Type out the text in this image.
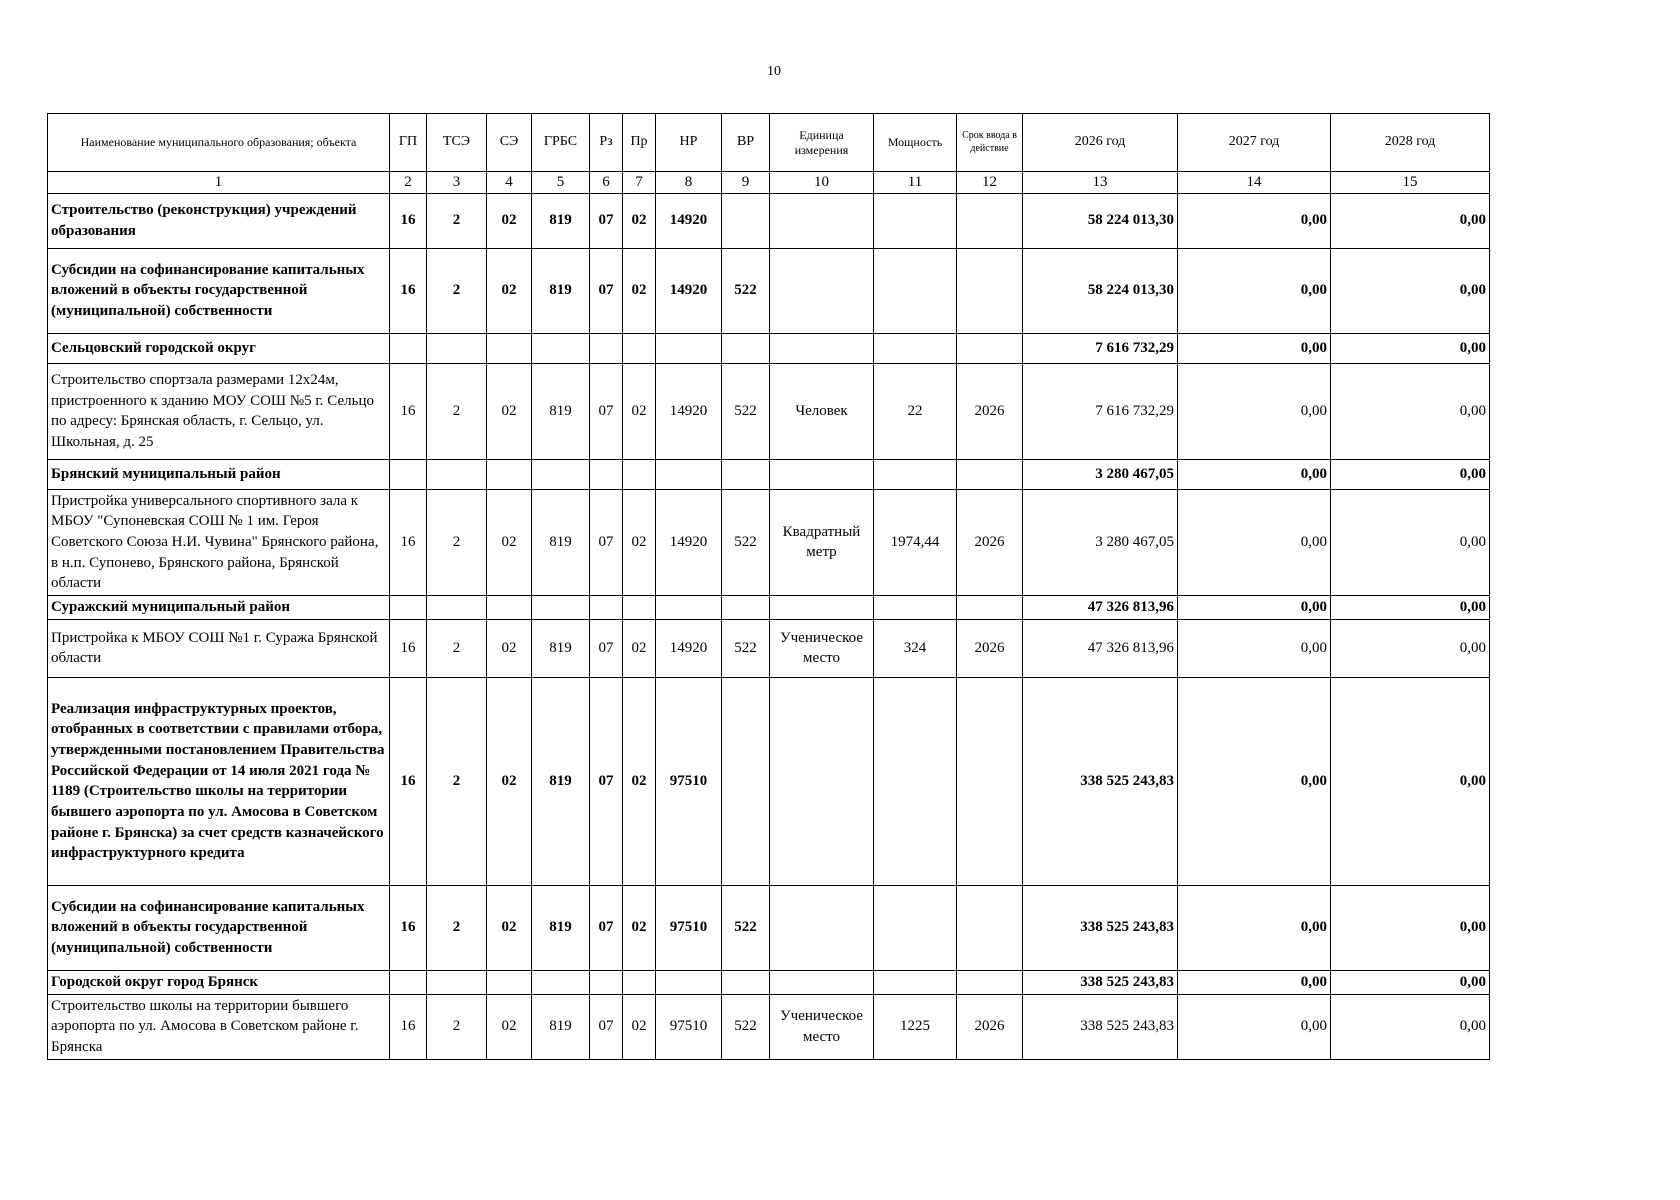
10
Наименование муниципального образования; объекта	ГП	ТСЭ	СЭ	ГРБС	Рз	Пр	НР	ВР	Единица измерения	Мощность	Срок ввода в действие	2026 год	2027 год	2028 год
1	2	3	4	5	6	7	8	9	10	11	12	13	14	15
Строительство (реконструкция) учреждений образования	16	2	02	819	07	02	14920					58 224 013,30	0,00	0,00
Субсидии на софинансирование капитальных вложений в объекты государственной (муниципальной) собственности	16	2	02	819	07	02	14920	522				58 224 013,30	0,00	0,00
Сельцовский городской округ												7 616 732,29	0,00	0,00
Строительство спортзала размерами 12х24м, пристроенного к зданию МОУ СОШ №5 г. Сельцо по адресу: Брянская область, г. Сельцо, ул. Школьная, д. 25	16	2	02	819	07	02	14920	522	Человек	22	2026	7 616 732,29	0,00	0,00
Брянский муниципальный район												3 280 467,05	0,00	0,00
Пристройка универсального спортивного зала к МБОУ "Супоневская СОШ № 1 им. Героя Советского Союза Н.И. Чувина" Брянского района, в н.п. Супонево, Брянского района, Брянской области	16	2	02	819	07	02	14920	522	Квадратный метр	1974,44	2026	3 280 467,05	0,00	0,00
Суражский муниципальный район												47 326 813,96	0,00	0,00
Пристройка к МБОУ СОШ №1 г. Суража Брянской области	16	2	02	819	07	02	14920	522	Ученическое место	324	2026	47 326 813,96	0,00	0,00
Реализация инфраструктурных проектов, отобранных в соответствии с правилами отбора, утвержденными постановлением Правительства Российской Федерации от 14 июля 2021 года № 1189 (Строительство школы на территории бывшего аэропорта по ул. Амосова в Советском районе г. Брянска) за счет средств казначейского инфраструктурного кредита	16	2	02	819	07	02	97510					338 525 243,83	0,00	0,00
Субсидии на софинансирование капитальных вложений в объекты государственной (муниципальной) собственности	16	2	02	819	07	02	97510	522				338 525 243,83	0,00	0,00
Городской округ город Брянск												338 525 243,83	0,00	0,00
Строительство школы на территории бывшего аэропорта по ул. Амосова в Советском районе г. Брянска	16	2	02	819	07	02	97510	522	Ученическое место	1225	2026	338 525 243,83	0,00	0,00
